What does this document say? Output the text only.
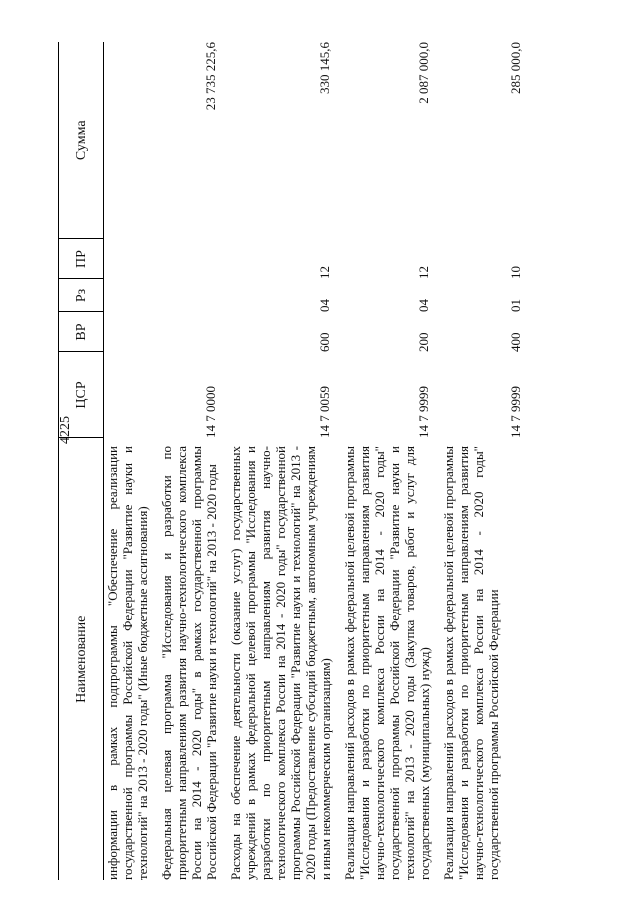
4225
Наименование	ЦСР	ВР	Рз	ПР	Сумма
информации в рамках подпрограммы "Обеспечение реализации государственной программы Российской Федерации "Развитие науки и технологий" на 2013 - 2020 годы" (Иные бюджетные ассигнования)					
Федеральная целевая программа "Исследования и разработки по приоритетным направлениям развития научно-технологического комплекса России на 2014 - 2020 годы" в рамках государственной программы Российской Федерации "Развитие науки и технологий" на 2013 - 2020 годы	14 7 0000				23 735 225,6
Расходы на обеспечение деятельности (оказание услуг) государственных учреждений в рамках федеральной целевой программы "Исследования и разработки по приоритетным направлениям развития научно-технологического комплекса России на 2014 - 2020 годы" государственной программы Российской Федерации "Развитие науки и технологий" на 2013 - 2020 годы (Предоставление субсидий бюджетным, автономным учреждениям и иным некоммерческим организациям)	14 7 0059	600	04	12	330 145,6
Реализация направлений расходов в рамках федеральной целевой программы "Исследования и разработки по приоритетным направлениям развития научно-технологического комплекса России на 2014 - 2020 годы" государственной программы Российской Федерации "Развитие науки и технологий" на 2013 - 2020 годы (Закупка товаров, работ и услуг для государственных (муниципальных) нужд)	14 7 9999	200	04	12	2 087 000,0
Реализация направлений расходов в рамках федеральной целевой программы "Исследования и разработки по приоритетным направлениям развития научно-технологического комплекса России на 2014 - 2020 годы" государственной программы Российской Федерации	14 7 9999	400	01	10	285 000,0
